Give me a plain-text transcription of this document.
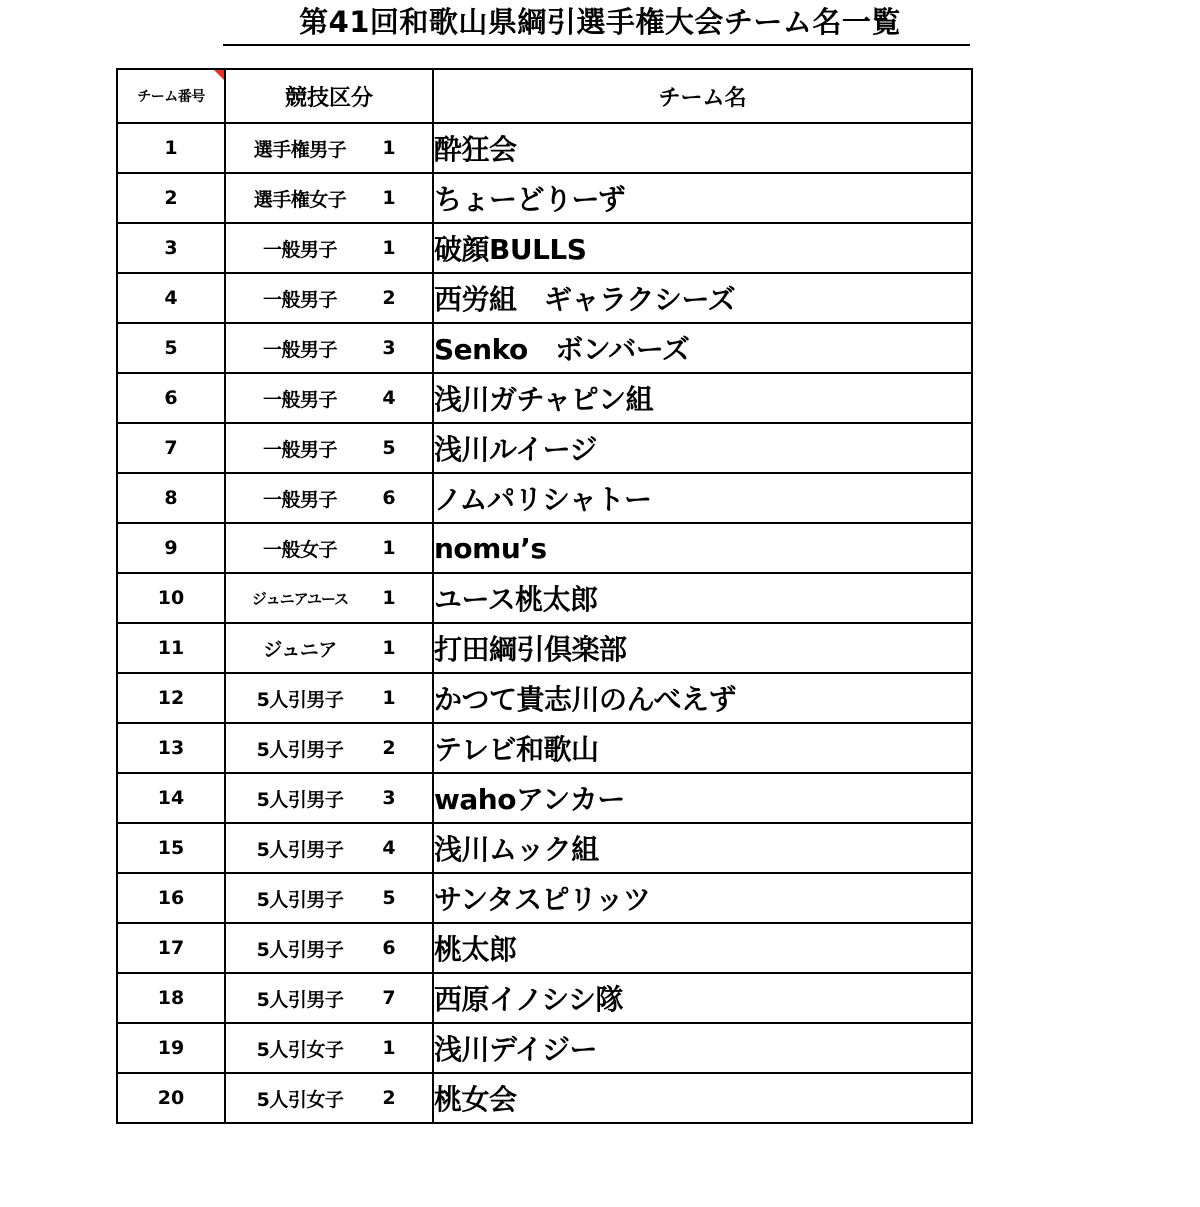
第41回和歌山県綱引選手権大会チーム名一覧
チーム番号	競技区分	チーム名
1	選手権男子 1	酔狂会
2	選手権女子 1	ちょーどりーず
3	一般男子 1	破顔BULLS
4	一般男子 2	西労組　ギャラクシーズ
5	一般男子 3	Senko　ボンバーズ
6	一般男子 4	浅川ガチャピン組
7	一般男子 5	浅川ルイージ
8	一般男子 6	ノムパリシャトー
9	一般女子 1	nomu’s
10	ジュニアユース 1	ユース桃太郎
11	ジュニア 1	打田綱引倶楽部
12	5人引男子 1	かつて貴志川のんべえず
13	5人引男子 2	テレビ和歌山
14	5人引男子 3	wahoアンカー
15	5人引男子 4	浅川ムック組
16	5人引男子 5	サンタスピリッツ
17	5人引男子 6	桃太郎
18	5人引男子 7	西原イノシシ隊
19	5人引女子 1	浅川デイジー
20	5人引女子 2	桃女会
